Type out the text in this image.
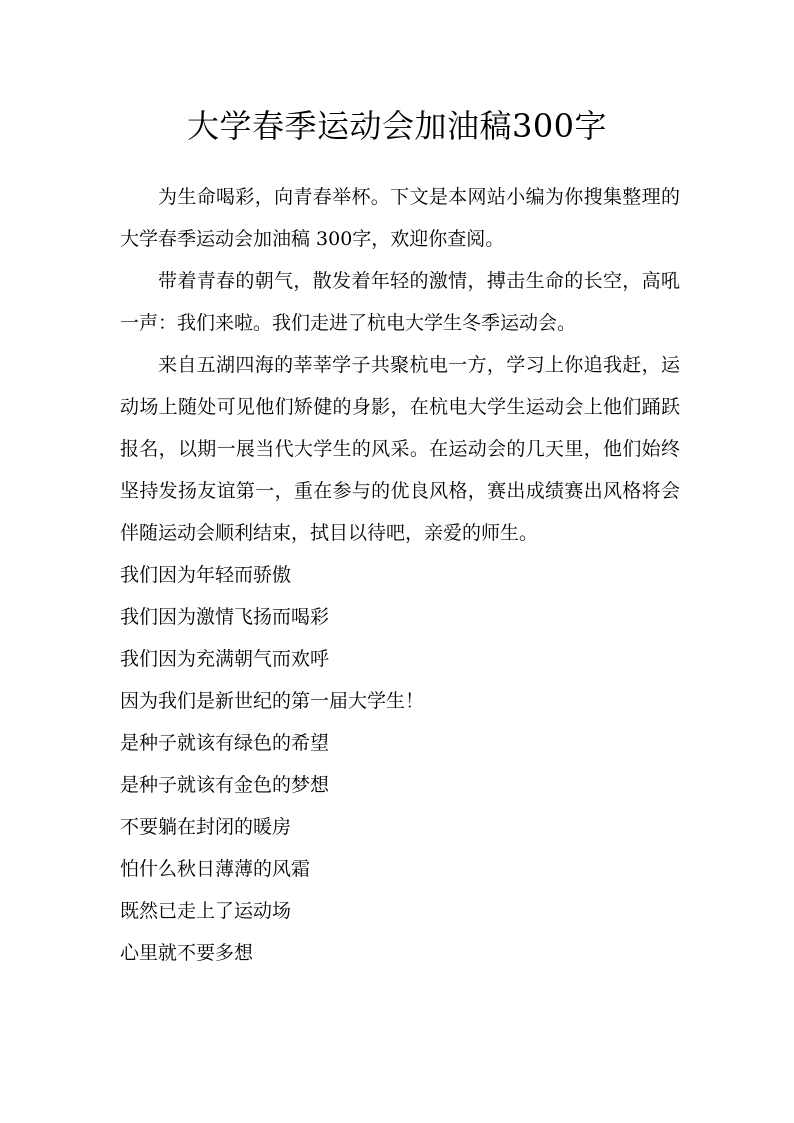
大学春季运动会加油稿300字

为生命喝彩，向青春举杯。下文是本网站小编为你搜集整理的大学春季运动会加油稿 300字，欢迎你查阅。

带着青春的朝气，散发着年轻的激情，搏击生命的长空，高吼一声：我们来啦。我们走进了杭电大学生冬季运动会。

来自五湖四海的莘莘学子共聚杭电一方，学习上你追我赶，运动场上随处可见他们矫健的身影，在杭电大学生运动会上他们踊跃报名，以期一展当代大学生的风采。在运动会的几天里，他们始终坚持发扬友谊第一，重在参与的优良风格，赛出成绩赛出风格将会伴随运动会顺利结束，拭目以待吧，亲爱的师生。

我们因为年轻而骄傲

我们因为激情飞扬而喝彩

我们因为充满朝气而欢呼

因为我们是新世纪的第一届大学生！

是种子就该有绿色的希望

是种子就该有金色的梦想

不要躺在封闭的暖房

怕什么秋日薄薄的风霜

既然已走上了运动场

心里就不要多想
